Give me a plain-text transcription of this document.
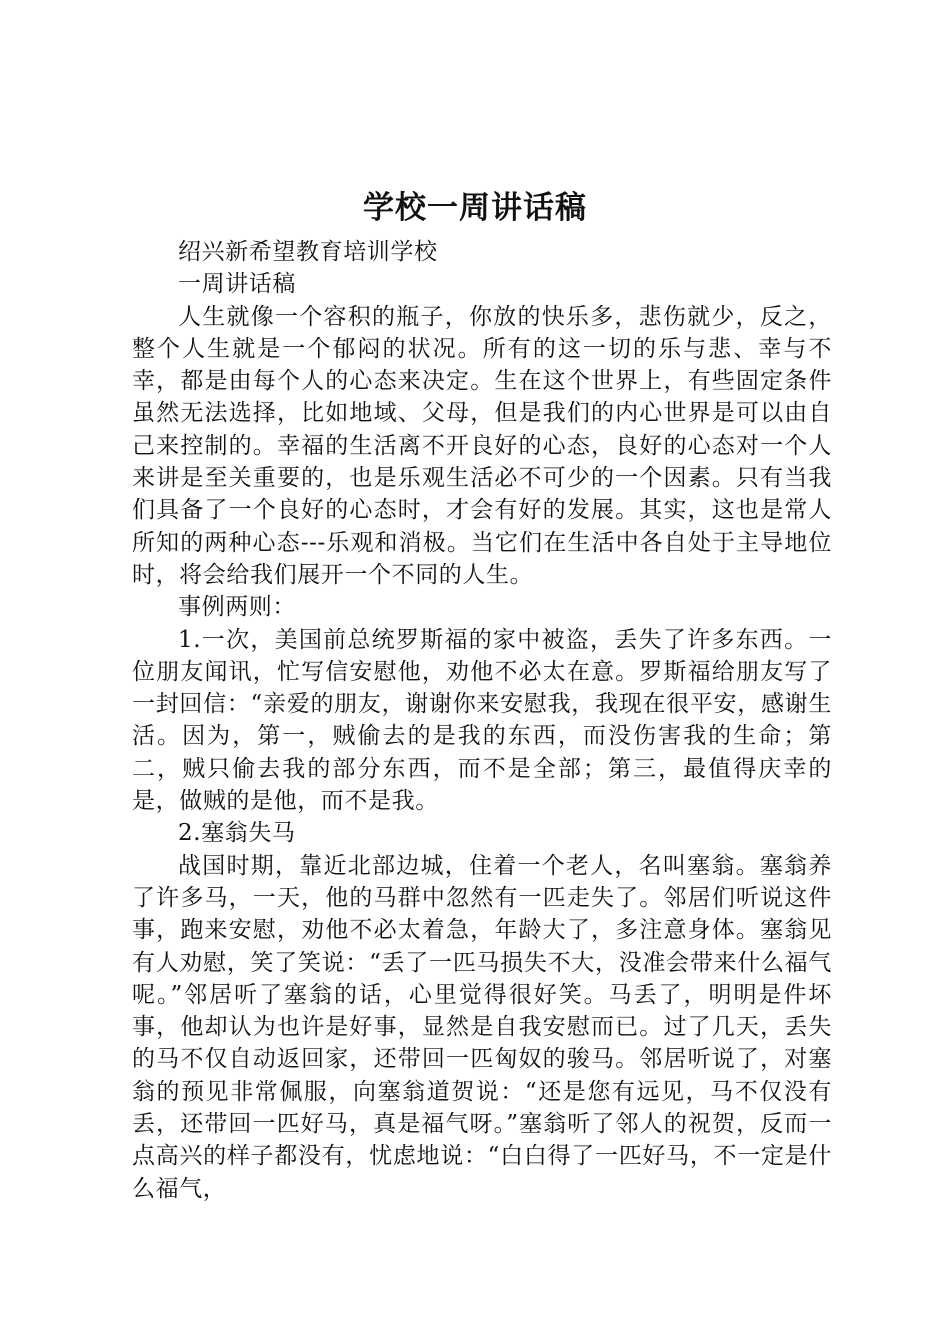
学校一周讲话稿

绍兴新希望教育培训学校

一周讲话稿

人生就像一个容积的瓶子，你放的快乐多，悲伤就少，反之，整个人生就是一个郁闷的状况。所有的这一切的乐与悲、幸与不幸，都是由每个人的心态来决定。生在这个世界上，有些固定条件虽然无法选择，比如地域、父母，但是我们的内心世界是可以由自己来控制的。幸福的生活离不开良好的心态，良好的心态对一个人来讲是至关重要的，也是乐观生活必不可少的一个因素。只有当我们具备了一个良好的心态时，才会有好的发展。其实，这也是常人所知的两种心态---乐观和消极。当它们在生活中各自处于主导地位时，将会给我们展开一个不同的人生。

事例两则：

1.一次，美国前总统罗斯福的家中被盗，丢失了许多东西。一位朋友闻讯，忙写信安慰他，劝他不必太在意。罗斯福给朋友写了一封回信：“亲爱的朋友，谢谢你来安慰我，我现在很平安，感谢生活。因为，第一，贼偷去的是我的东西，而没伤害我的生命；第二，贼只偷去我的部分东西，而不是全部；第三，最值得庆幸的是，做贼的是他，而不是我。

2.塞翁失马

战国时期，靠近北部边城，住着一个老人，名叫塞翁。塞翁养了许多马，一天，他的马群中忽然有一匹走失了。邻居们听说这件事，跑来安慰，劝他不必太着急，年龄大了，多注意身体。塞翁见有人劝慰，笑了笑说：“丢了一匹马损失不大，没准会带来什么福气呢。”邻居听了塞翁的话，心里觉得很好笑。马丢了，明明是件坏事，他却认为也许是好事，显然是自我安慰而已。过了几天，丢失的马不仅自动返回家，还带回一匹匈奴的骏马。邻居听说了，对塞翁的预见非常佩服，向塞翁道贺说：“还是您有远见，马不仅没有丢，还带回一匹好马，真是福气呀。”塞翁听了邻人的祝贺，反而一点高兴的样子都没有，忧虑地说：“白白得了一匹好马，不一定是什么福气，
